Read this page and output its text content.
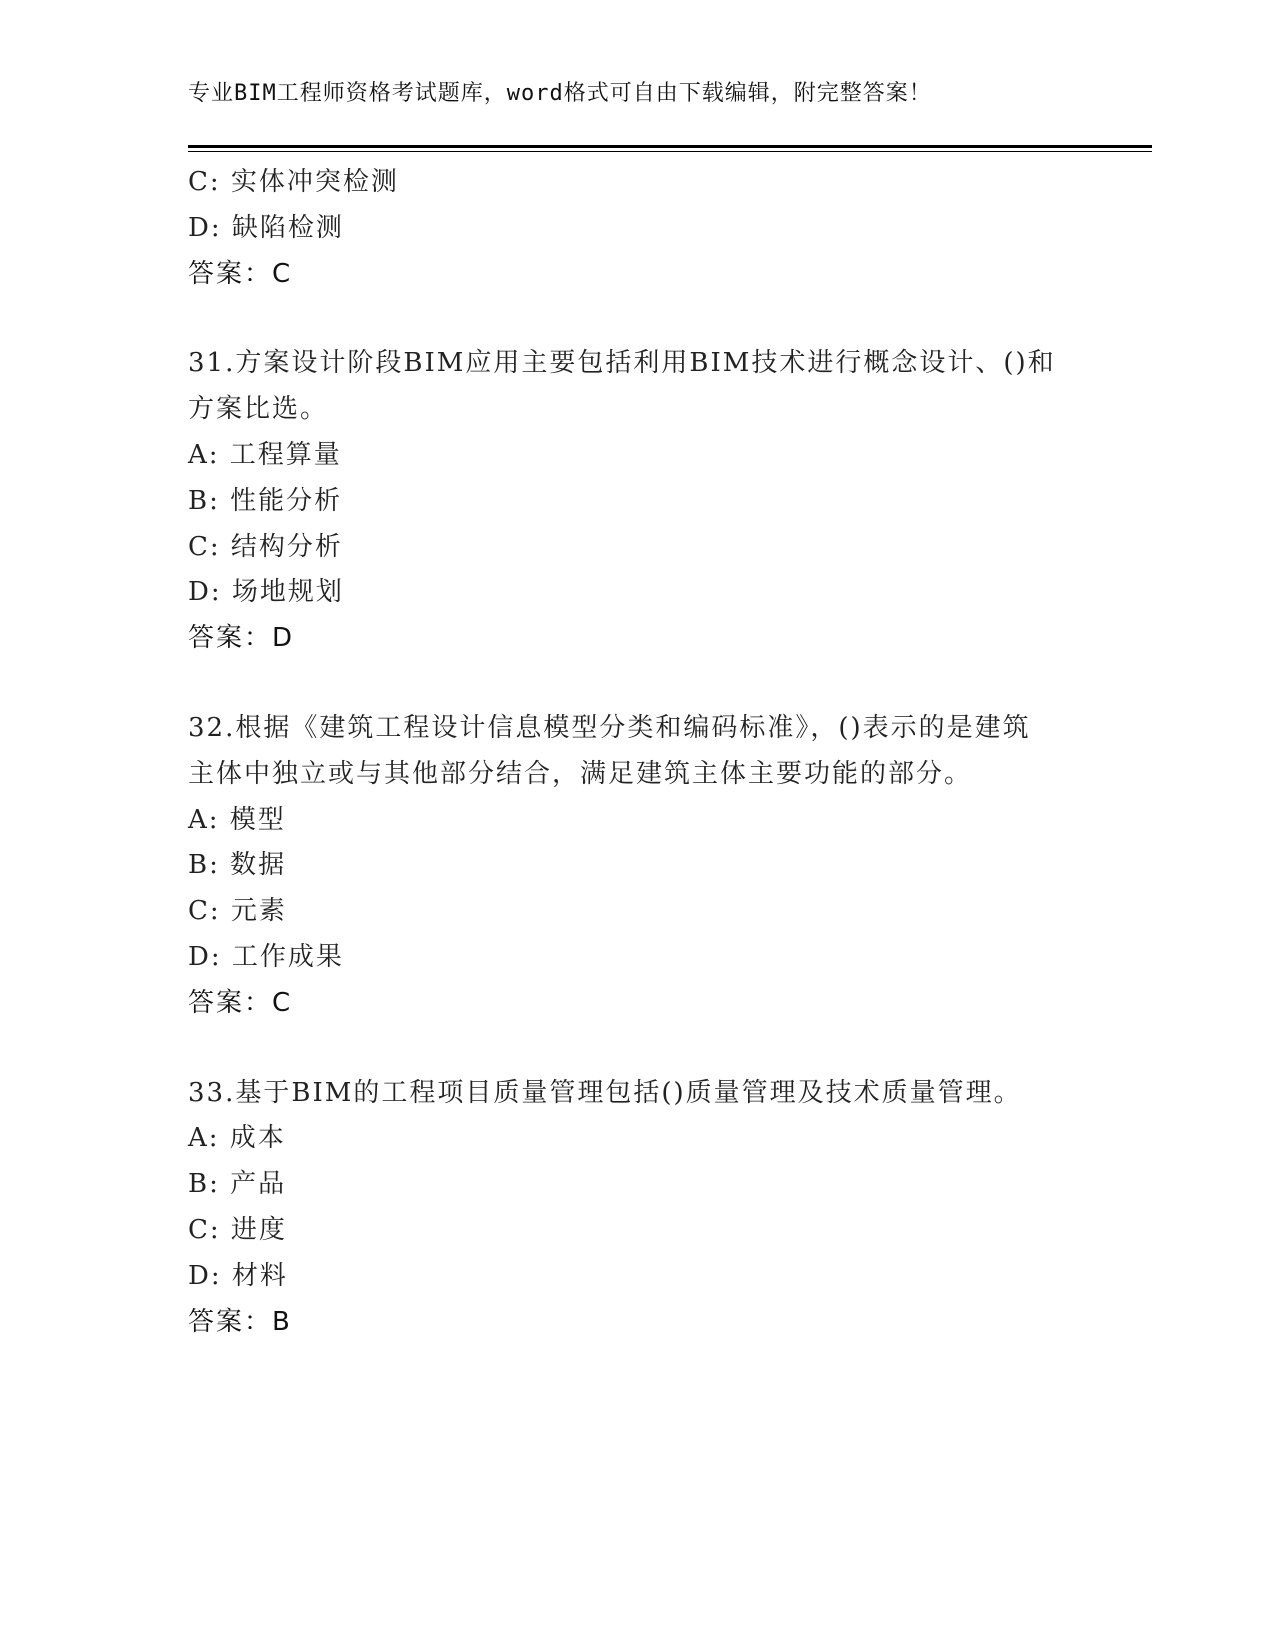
专业BIM工程师资格考试题库，word格式可自由下载编辑，附完整答案！
C: 实体冲突检测
D: 缺陷检测
答案：C
31.方案设计阶段BIM应用主要包括利用BIM技术进行概念设计、()和
方案比选。
A: 工程算量
B: 性能分析
C: 结构分析
D: 场地规划
答案：D
32.根据《建筑工程设计信息模型分类和编码标准》，()表示的是建筑
主体中独立或与其他部分结合，满足建筑主体主要功能的部分。
A: 模型
B: 数据
C: 元素
D: 工作成果
答案：C
33.基于BIM的工程项目质量管理包括()质量管理及技术质量管理。
A: 成本
B: 产品
C: 进度
D: 材料
答案：B
